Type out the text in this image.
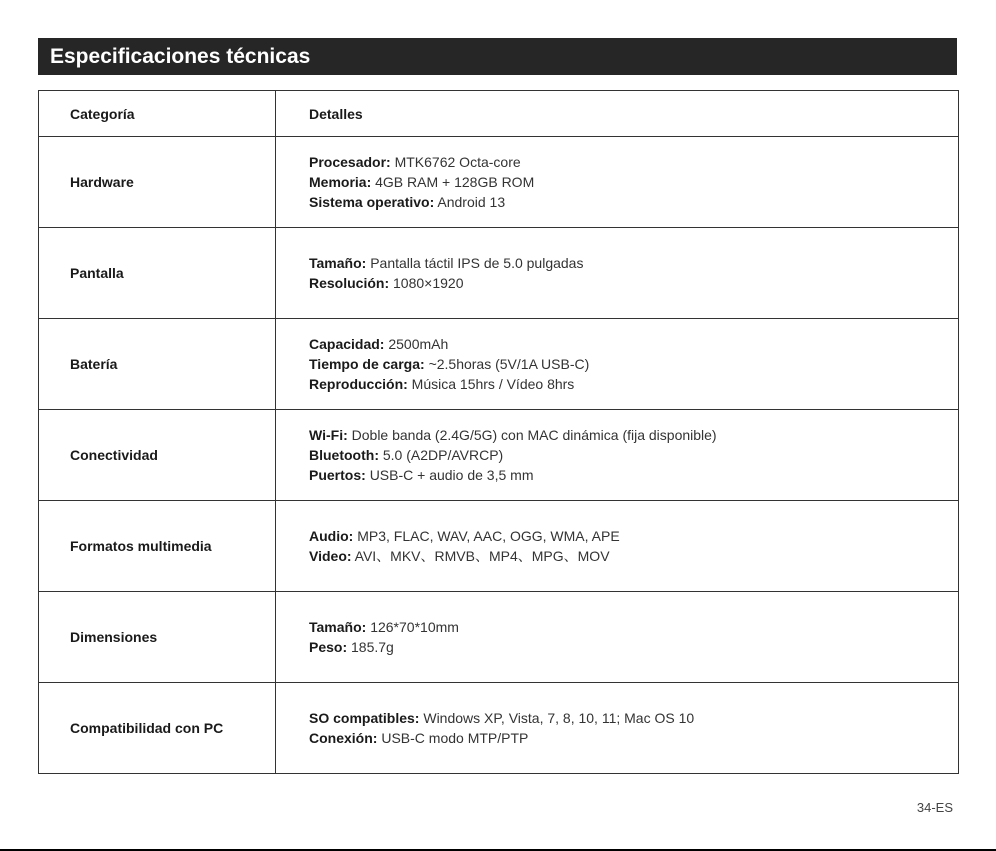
Especificaciones técnicas
Categoría	Detalles
Hardware	Procesador: MTK6762 Octa-core
Memoria: 4GB RAM + 128GB ROM
Sistema operativo: Android 13

Pantalla	Tamaño: Pantalla táctil IPS de 5.0 pulgadas
Resolución: 1080×1920

Batería	Capacidad: 2500mAh
Tiempo de carga: ~2.5horas (5V/1A USB-C)
Reproducción: Música 15hrs / Vídeo 8hrs

Conectividad	Wi-Fi: Doble banda (2.4G/5G) con MAC dinámica (fija disponible)
Bluetooth: 5.0 (A2DP/AVRCP)
Puertos: USB-C + audio de 3,5 mm

Formatos multimedia	Audio: MP3, FLAC, WAV, AAC, OGG, WMA, APE
Video: AVI、MKV、RMVB、MP4、MPG、MOV

Dimensiones	Tamaño: 126*70*10mm
Peso: 185.7g

Compatibilidad con PC	SO compatibles: Windows XP, Vista, 7, 8, 10, 11; Mac OS 10
Conexión: USB-C modo MTP/PTP
34-ES
